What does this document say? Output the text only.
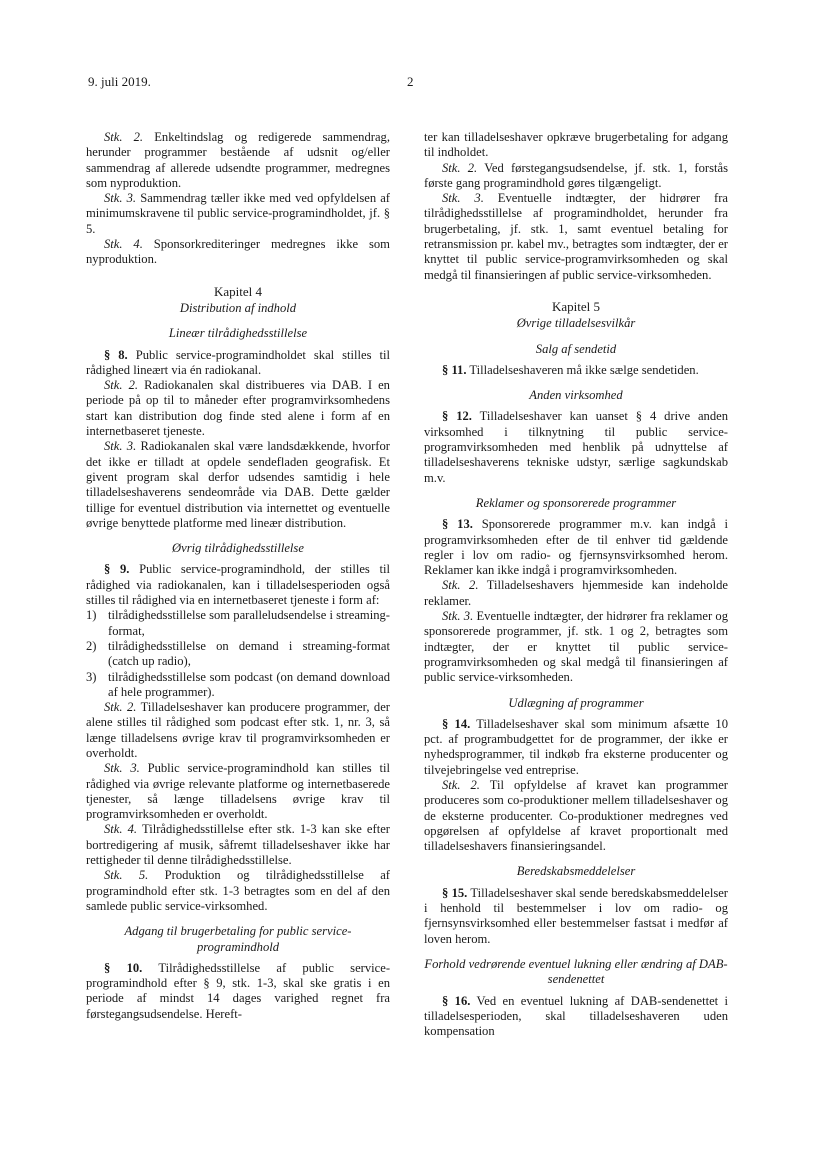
9. juli 2019.	2

Stk. 2. Enkeltindslag og redigerede sammendrag, herunder programmer bestående af udsnit og/eller sammendrag af allerede udsendte programmer, medregnes som nyproduktion.

Stk. 3. Sammendrag tæller ikke med ved opfyldelsen af minimumskravene til public service-programindholdet, jf. § 5.

Stk. 4. Sponsorkrediteringer medregnes ikke som nyproduktion.

Kapitel 4
Distribution af indhold
Lineær tilrådighedsstillelse

§ 8. Public service-programindholdet skal stilles til rådighed lineært via én radiokanal.

Stk. 2. Radiokanalen skal distribueres via DAB. I en periode på op til to måneder efter programvirksomhedens start kan distribution dog finde sted alene i form af en internetbaseret tjeneste.

Stk. 3. Radiokanalen skal være landsdækkende, hvorfor det ikke er tilladt at opdele sendefladen geografisk. Et givent program skal derfor udsendes samtidig i hele tilladelseshaverens sendeområde via DAB. Dette gælder tillige for eventuel distribution via internettet og eventuelle øvrige benyttede platforme med lineær distribution.

Øvrig tilrådighedsstillelse

§ 9. Public service-programindhold, der stilles til rådighed via radiokanalen, kan i tilladelsesperioden også stilles til rådighed via en internetbaseret tjeneste i form af:

1) tilrådighedsstillelse som paralleludsendelse i streaming-format,
2) tilrådighedsstillelse on demand i streaming-format (catch up radio),
3) tilrådighedsstillelse som podcast (on demand download af hele programmer).

Stk. 2. Tilladelseshaver kan producere programmer, der alene stilles til rådighed som podcast efter stk. 1, nr. 3, så længe tilladelsens øvrige krav til programvirksomheden er overholdt.

Stk. 3. Public service-programindhold kan stilles til rådighed via øvrige relevante platforme og internetbaserede tjenester, så længe tilladelsens øvrige krav til programvirksomheden er overholdt.

Stk. 4. Tilrådighedsstillelse efter stk. 1-3 kan ske efter bortredigering af musik, såfremt tilladelseshaver ikke har rettigheder til denne tilrådighedsstillelse.

Stk. 5. Produktion og tilrådighedsstillelse af programindhold efter stk. 1-3 betragtes som en del af den samlede public service-virksomhed.

Adgang til brugerbetaling for public service-programindhold

§ 10. Tilrådighedsstillelse af public service-programindhold efter § 9, stk. 1-3, skal ske gratis i en periode af mindst 14 dages varighed regnet fra førstegangsudsendelse. Hereft-

ter kan tilladelseshaver opkræve brugerbetaling for adgang til indholdet.

Stk. 2. Ved førstegangsudsendelse, jf. stk. 1, forstås første gang programindhold gøres tilgængeligt.

Stk. 3. Eventuelle indtægter, der hidrører fra tilrådighedsstillelse af programindholdet, herunder fra brugerbetaling, jf. stk. 1, samt eventuel betaling for retransmission pr. kabel mv., betragtes som indtægter, der er knyttet til public service-programvirksomheden og skal medgå til finansieringen af public service-virksomheden.

Kapitel 5
Øvrige tilladelsesvilkår
Salg af sendetid

§ 11. Tilladelseshaveren må ikke sælge sendetiden.

Anden virksomhed

§ 12. Tilladelseshaver kan uanset § 4 drive anden virksomhed i tilknytning til public service-programvirksomheden med henblik på udnyttelse af tilladelseshaverens tekniske udstyr, særlige sagkundskab m.v.

Reklamer og sponsorerede programmer

§ 13. Sponsorerede programmer m.v. kan indgå i programvirksomheden efter de til enhver tid gældende regler i lov om radio- og fjernsynsvirksomhed herom. Reklamer kan ikke indgå i programvirksomheden.

Stk. 2. Tilladelseshavers hjemmeside kan indeholde reklamer.

Stk. 3. Eventuelle indtægter, der hidrører fra reklamer og sponsorerede programmer, jf. stk. 1 og 2, betragtes som indtægter, der er knyttet til public service-programvirksomheden og skal medgå til finansieringen af public service-virksomheden.

Udlægning af programmer

§ 14. Tilladelseshaver skal som minimum afsætte 10 pct. af programbudgettet for de programmer, der ikke er nyhedsprogrammer, til indkøb fra eksterne producenter og tilvejebringelse ved entreprise.

Stk. 2. Til opfyldelse af kravet kan programmer produceres som co-produktioner mellem tilladelseshaver og de eksterne producenter. Co-produktioner medregnes ved opgørelsen af opfyldelse af kravet proportionalt med tilladelseshavers finansieringsandel.

Beredskabsmeddelelser

§ 15. Tilladelseshaver skal sende beredskabsmeddelelser i henhold til bestemmelser i lov om radio- og fjernsynsvirksomhed eller bestemmelser fastsat i medfør af loven herom.

Forhold vedrørende eventuel lukning eller ændring af DAB-sendenettet

§ 16. Ved en eventuel lukning af DAB-sendenettet i tilladelsesperioden, skal tilladelseshaveren uden kompensation
